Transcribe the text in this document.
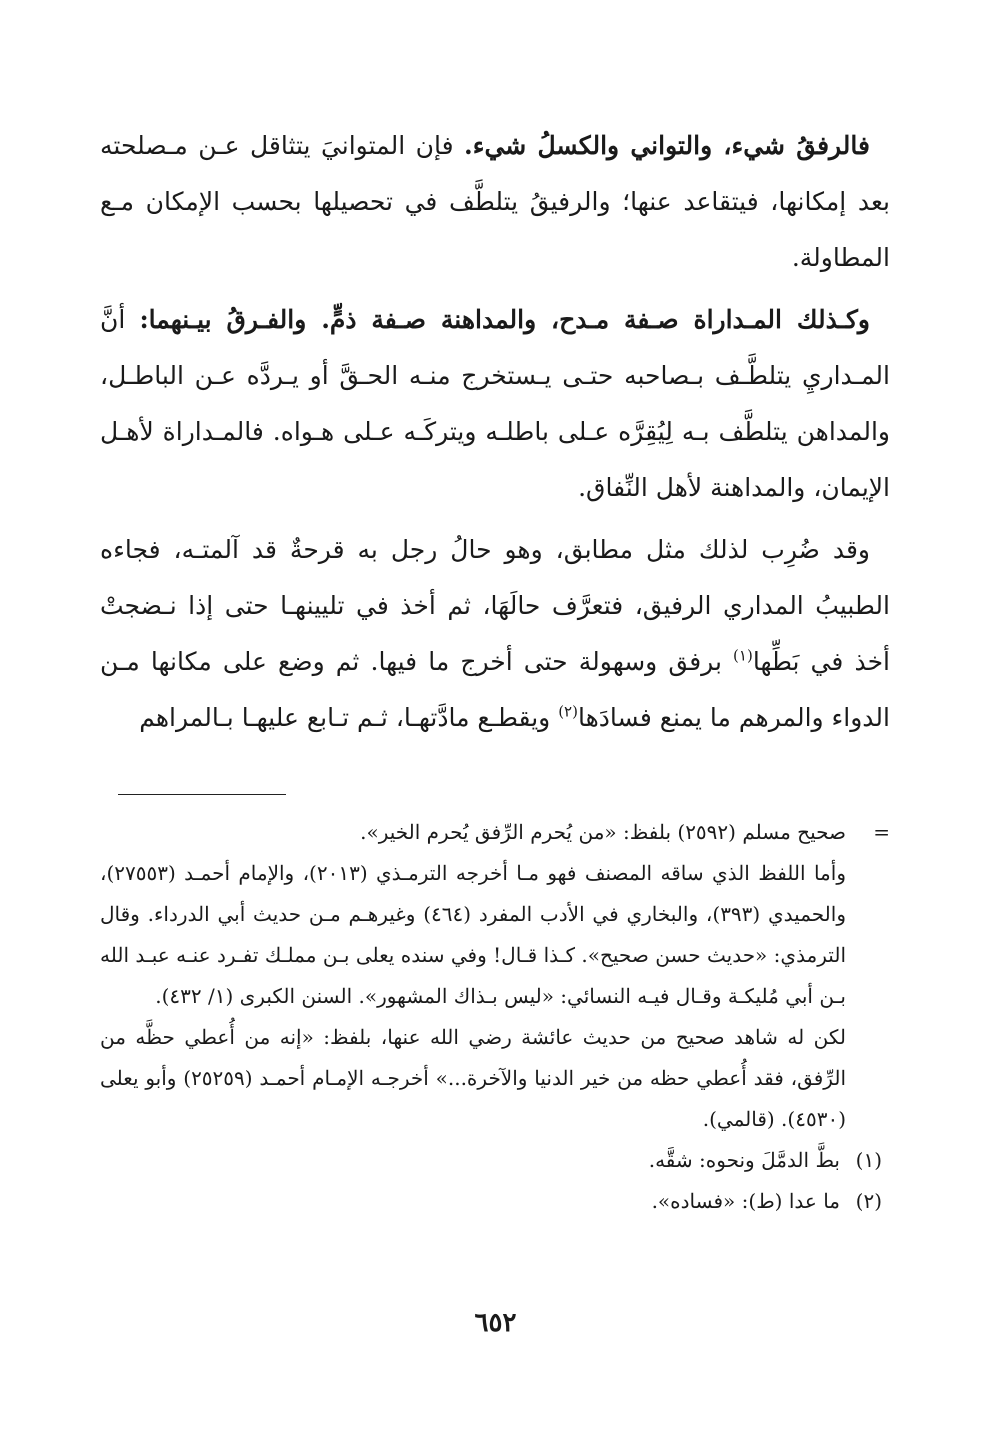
فالرفقُ شيء، والتواني والكسلُ شيء. فإن المتوانيَ يتثاقل عـن مـصلحته بعد إمكانها، فيتقاعد عنها؛ والرفيقُ يتلطَّف في تحصيلها بحسب الإمكان مـع المطاولة.

وكـذلك المـداراة صـفة مـدح، والمداهنة صـفة ذمٍّ. والفـرقُ بيـنهما: أنَّ المـداريِ يتلطَّـف بـصاحبه حتـى يـستخرج منـه الحـقَّ أو يـردَّه عـن الباطـل، والمداهن يتلطَّف بـه لِيُقِرَّه عـلى باطلـه ويتركَـه عـلى هـواه. فالمـداراة لأهـل الإيمان، والمداهنة لأهل النِّفاق.

وقد ضُرِب لذلك مثل مطابق، وهو حالُ رجل به قرحةٌ قد آلمتـه، فجاءه الطبيبُ المداري الرفيق، فتعرَّف حالَهَا، ثم أخذ في تليينهـا حتى إذا نـضجتْ أخذ في بَطِّها$^{(١)}$ برفق وسهولة حتى أخرج ما فيها. ثم وضع على مكانها مـن الدواء والمرهم ما يمنع فسادَها$^{(٢)}$ ويقطـع مادَّتهـا، ثـم تـابع عليهـا بـالمراهم

=
صحيح مسلم (٢٥٩٢) بلفظ: «من يُحرم الرِّفق يُحرم الخير».

وأما اللفظ الذي ساقه المصنف فهو مـا أخرجه الترمـذي (٢٠١٣)، والإمام أحمـد (٢٧٥٥٣)، والحميدي (٣٩٣)، والبخاري في الأدب المفرد (٤٦٤) وغيرهـم مـن حديث أبي الدرداء. وقال الترمذي: «حديث حسن صحيح». كـذا قـال! وفي سنده يعلى بـن مملـك تفـرد عنـه عبـد الله بـن أبي مُليكـة وقـال فيـه النسائي: «ليس بـذاك المشهور». السنن الكبرى (١/ ٤٣٢).

لكن له شاهد صحيح من حديث عائشة رضي الله عنها، بلفظ: «إنه من أُعطي حظَّه من الرِّفق، فقد أُعطي حظه من خير الدنيا والآخرة...» أخرجـه الإمـام أحمـد (٢٥٢٥٩) وأبو يعلى (٤٥٣٠). (قالمي).

(١)
بطَّ الدمَّلَ ونحوه: شقَّه.

(٢)
ما عدا (ط): «فساده».

٦٥٢
